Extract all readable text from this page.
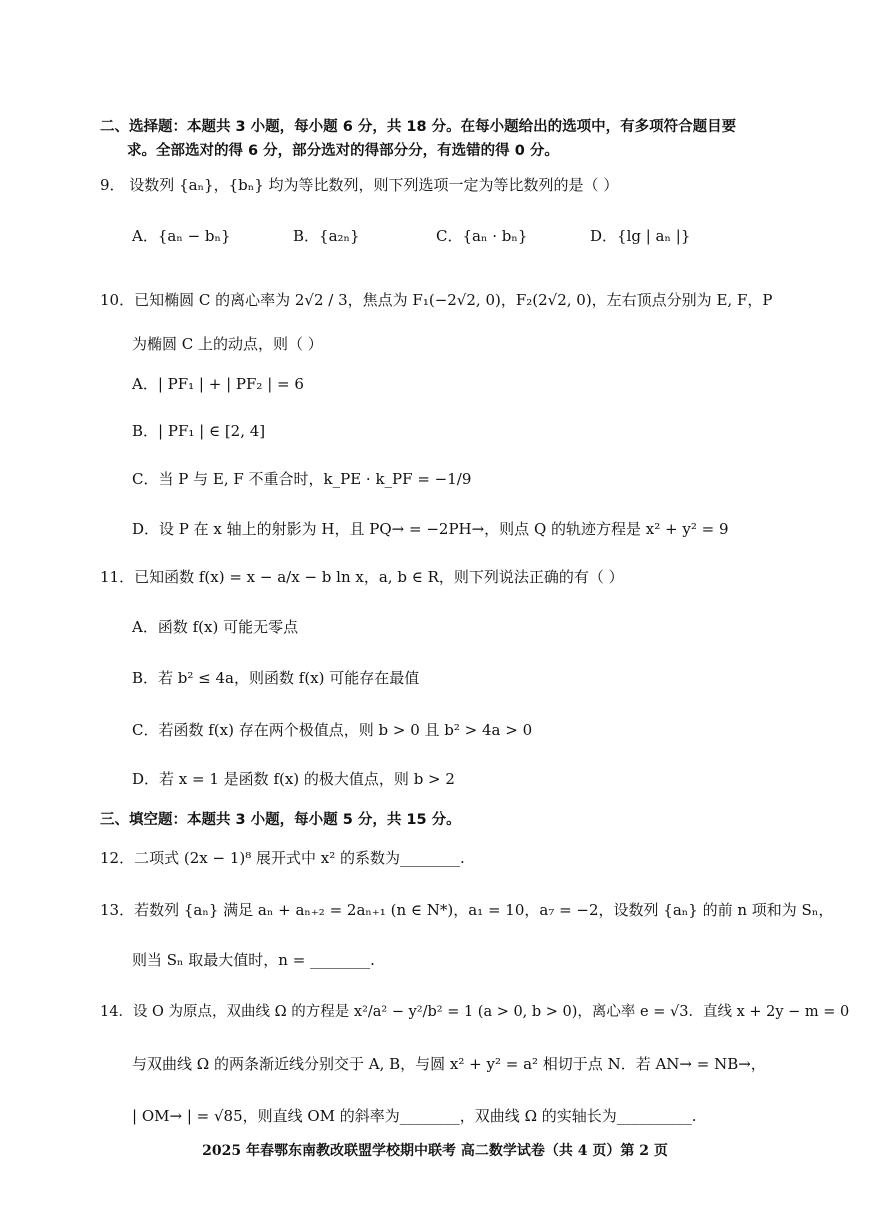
二、选择题：本题共 3 小题，每小题 6 分，共 18 分。在每小题给出的选项中，有多项符合题目要
求。全部选对的得 6 分，部分选对的得部分分，有选错的得 0 分。
9． 设数列 {aₙ}，{bₙ} 均为等比数列，则下列选项一定为等比数列的是（ ）
A．{aₙ − bₙ}	B．{a₂ₙ}	C．{aₙ · bₙ}	D．{lg | aₙ |}
10．已知椭圆 C 的离心率为 2√2 / 3，焦点为 F₁(−2√2, 0)，F₂(2√2, 0)，左右顶点分别为 E, F，P
为椭圆 C 上的动点，则（ ）
A．| PF₁ | + | PF₂ | = 6
B．| PF₁ | ∈ [2, 4]
C．当 P 与 E, F 不重合时，k_PE · k_PF = −1/9
D．设 P 在 x 轴上的射影为 H，且 PQ→ = −2PH→，则点 Q 的轨迹方程是 x² + y² = 9
11．已知函数 f(x) = x − a/x − b ln x，a, b ∈ R，则下列说法正确的有（ ）
A．函数 f(x) 可能无零点
B．若 b² ≤ 4a，则函数 f(x) 可能存在最值
C．若函数 f(x) 存在两个极值点，则 b > 0 且 b² > 4a > 0
D．若 x = 1 是函数 f(x) 的极大值点，则 b > 2
三、填空题：本题共 3 小题，每小题 5 分，共 15 分。
12．二项式 (2x − 1)⁸ 展开式中 x² 的系数为________.
13．若数列 {aₙ} 满足 aₙ + aₙ₊₂ = 2aₙ₊₁ (n ∈ N*)，a₁ = 10，a₇ = −2，设数列 {aₙ} 的前 n 项和为 Sₙ，
则当 Sₙ 取最大值时，n = ________.
14．设 O 为原点，双曲线 Ω 的方程是 x²/a² − y²/b² = 1 (a > 0, b > 0)，离心率 e = √3．直线 x + 2y − m = 0
与双曲线 Ω 的两条渐近线分别交于 A, B，与圆 x² + y² = a² 相切于点 N．若 AN→ = NB→，
| OM→ | = √85，则直线 OM 的斜率为________，双曲线 Ω 的实轴长为__________.
2025 年春鄂东南教改联盟学校期中联考 高二数学试卷（共 4 页）第 2 页
